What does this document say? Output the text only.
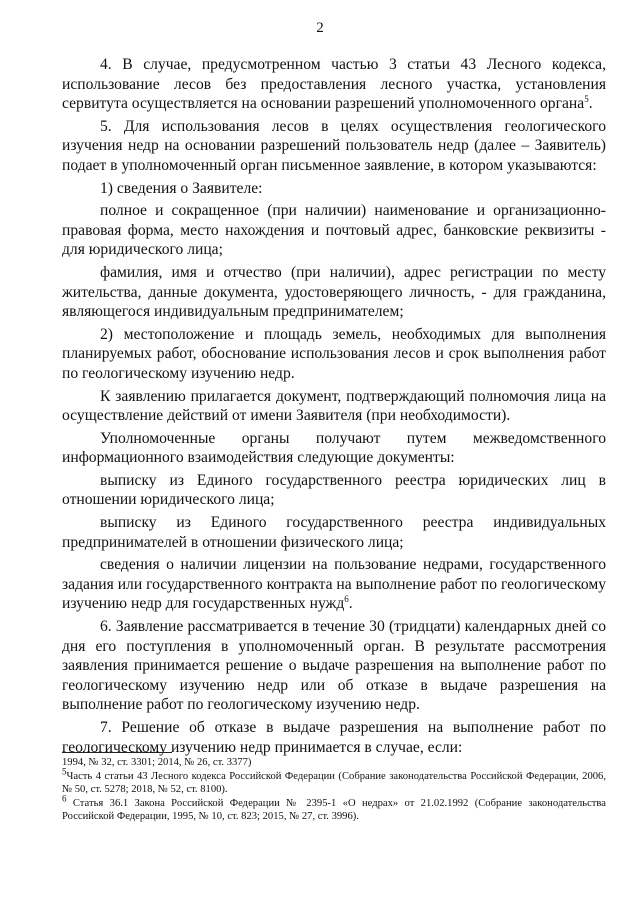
2

4. В случае, предусмотренном частью 3 статьи 43 Лесного кодекса, использование лесов без предоставления лесного участка, установления сервитута осуществляется на основании разрешений уполномоченного органа$^5$.

5. Для использования лесов в целях осуществления геологического изучения недр на основании разрешений пользователь недр (далее – Заявитель) подает в уполномоченный орган письменное заявление, в котором указываются:

1) сведения о Заявителе:

полное и сокращенное (при наличии) наименование и организационно-правовая форма, место нахождения и почтовый адрес, банковские реквизиты - для юридического лица;

фамилия, имя и отчество (при наличии), адрес регистрации по месту жительства, данные документа, удостоверяющего личность, - для гражданина, являющегося индивидуальным предпринимателем;

2) местоположение и площадь земель, необходимых для выполнения планируемых работ, обоснование использования лесов и срок выполнения работ по геологическому изучению недр.

К заявлению прилагается документ, подтверждающий полномочия лица на осуществление действий от имени Заявителя (при необходимости).

Уполномоченные органы получают путем межведомственного информационного взаимодействия следующие документы:

выписку из Единого государственного реестра юридических лиц в отношении юридического лица;

выписку из Единого государственного реестра индивидуальных предпринимателей в отношении физического лица;

сведения о наличии лицензии на пользование недрами, государственного задания или государственного контракта на выполнение работ по геологическому изучению недр для государственных нужд$^6$.

6. Заявление рассматривается в течение 30 (тридцати) календарных дней со дня его поступления в уполномоченный орган. В результате рассмотрения заявления принимается решение о выдаче разрешения на выполнение работ по геологическому изучению недр или об отказе в выдаче разрешения на выполнение работ по геологическому изучению недр.

7. Решение об отказе в выдаче разрешения на выполнение работ по геологическому изучению недр принимается в случае, если:

1994, № 32, ст. 3301; 2014, № 26, ст. 3377)

$^5$Часть 4 статьи 43 Лесного кодекса Российской Федерации (Собрание законодательства Российской Федерации, 2006, № 50, ст. 5278; 2018, № 52, ст. 8100).

$^6$ Статья 36.1 Закона Российской Федерации № 2395-1 «О недрах» от 21.02.1992 (Собрание законодательства Российской Федерации, 1995, № 10, ст. 823; 2015, № 27, ст. 3996).
